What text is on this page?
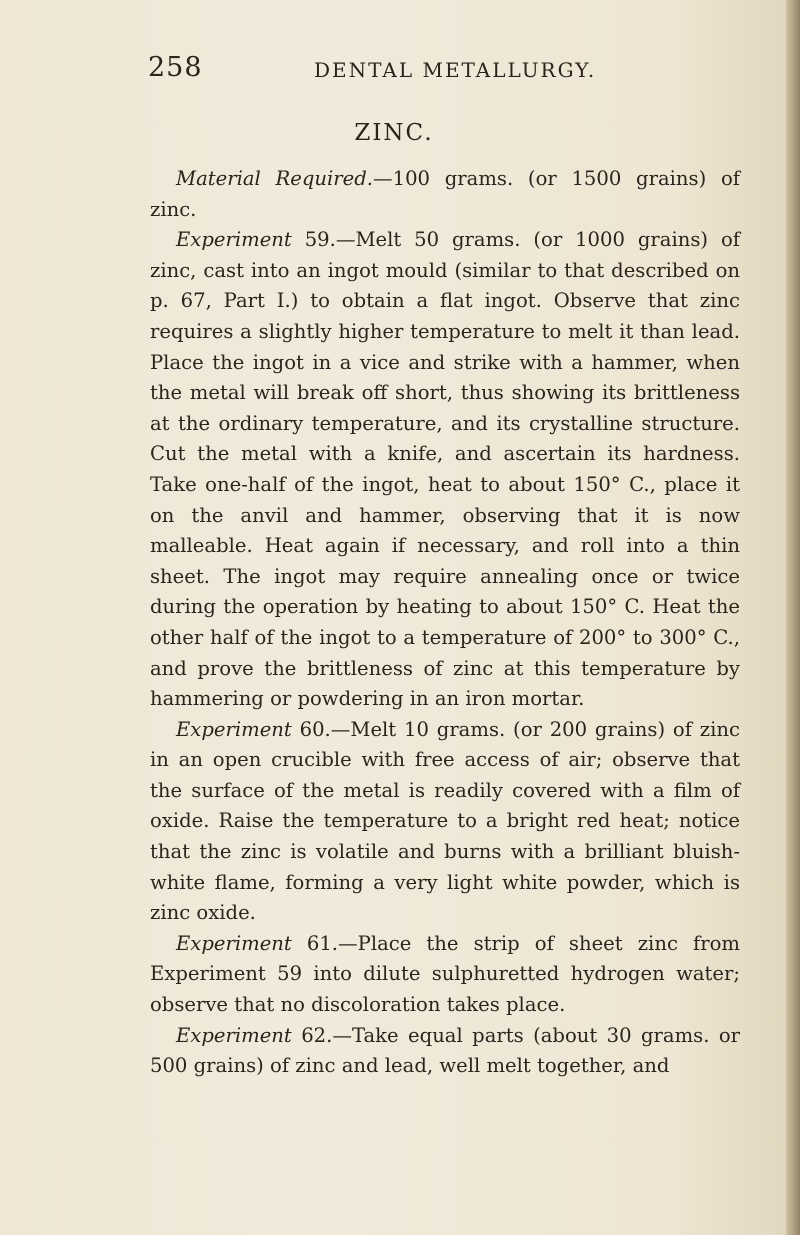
258	DENTAL METALLURGY.
ZINC.

Material Required.—100 grams. (or 1500 grains) of zinc.

Experiment 59.—Melt 50 grams. (or 1000 grains) of zinc, cast into an ingot mould (similar to that described on p. 67, Part I.) to obtain a flat ingot. Observe that zinc requires a slightly higher temperature to melt it than lead. Place the ingot in a vice and strike with a hammer, when the metal will break off short, thus showing its brittleness at the ordinary temperature, and its crystalline structure. Cut the metal with a knife, and ascertain its hardness. Take one-half of the ingot, heat to about 150° C., place it on the anvil and hammer, observing that it is now malleable. Heat again if necessary, and roll into a thin sheet. The ingot may require annealing once or twice during the operation by heating to about 150° C. Heat the other half of the ingot to a temperature of 200° to 300° C., and prove the brittleness of zinc at this temperature by hammering or powdering in an iron mortar.

Experiment 60.—Melt 10 grams. (or 200 grains) of zinc in an open crucible with free access of air; observe that the surface of the metal is readily covered with a film of oxide. Raise the temperature to a bright red heat; notice that the zinc is volatile and burns with a brilliant bluish-white flame, forming a very light white powder, which is zinc oxide.

Experiment 61.—Place the strip of sheet zinc from Experiment 59 into dilute sulphuretted hydrogen water; observe that no discoloration takes place.

Experiment 62.—Take equal parts (about 30 grams. or 500 grains) of zinc and lead, well melt together, and
